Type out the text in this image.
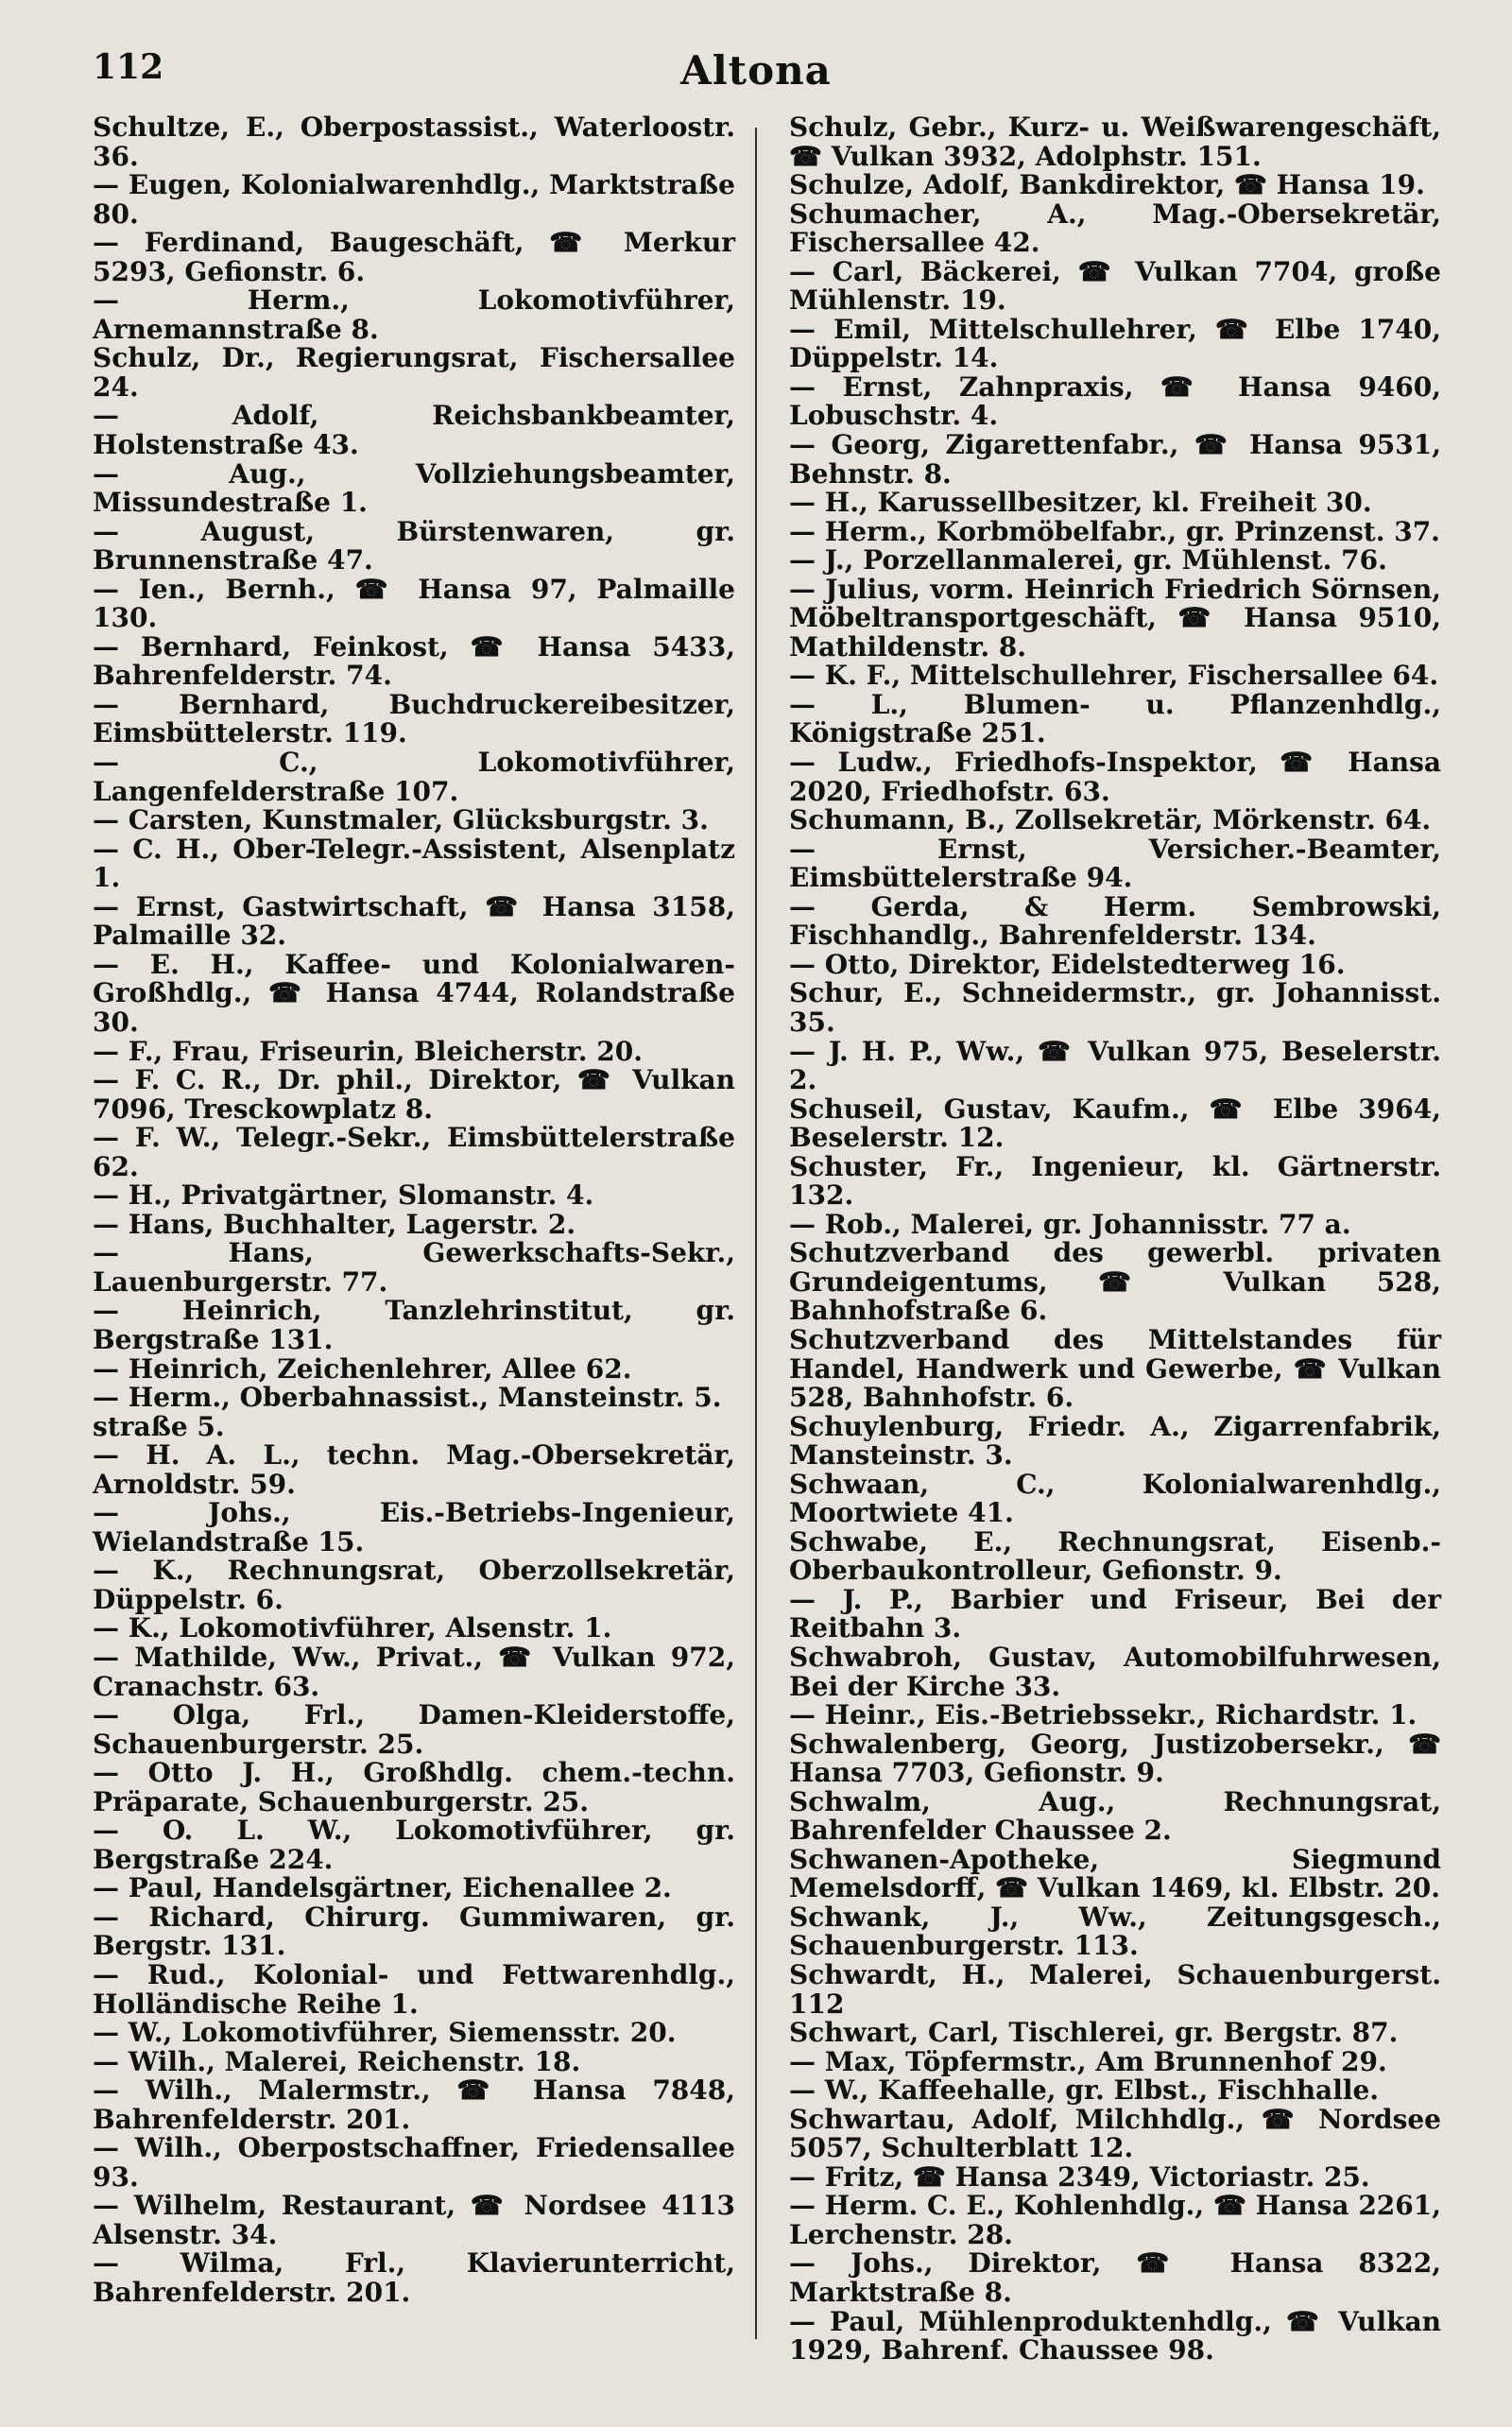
112	Altona
Schultze, E., Oberpostassist., Waterloostr. 36.
— Eugen, Kolonialwarenhdlg., Marktstraße 80.
— Ferdinand, Baugeschäft, ☎ Merkur 5293, Gefionstr. 6.
— Herm., Lokomotivführer, Arnemannstraße 8.
Schulz, Dr., Regierungsrat, Fischersallee 24.
— Adolf, Reichsbankbeamter, Holstenstraße 43.
— Aug., Vollziehungsbeamter, Missundestraße 1.
— August, Bürstenwaren, gr. Brunnenstraße 47.
— Ien., Bernh., ☎ Hansa 97, Palmaille 130.
— Bernhard, Feinkost, ☎ Hansa 5433, Bahrenfelderstr. 74.
— Bernhard, Buchdruckereibesitzer, Eimsbüttelerstr. 119.
— C., Lokomotivführer, Langenfelderstraße 107.
— Carsten, Kunstmaler, Glücksburgstr. 3.
— C. H., Ober-Telegr.-Assistent, Alsenplatz 1.
— Ernst, Gastwirtschaft, ☎ Hansa 3158, Palmaille 32.
— E. H., Kaffee- und Kolonialwaren-Großhdlg., ☎ Hansa 4744, Rolandstraße 30.
— F., Frau, Friseurin, Bleicherstr. 20.
— F. C. R., Dr. phil., Direktor, ☎ Vulkan 7096, Tresckowplatz 8.
— F. W., Telegr.-Sekr., Eimsbüttelerstraße 62.
— H., Privatgärtner, Slomanstr. 4.
— Hans, Buchhalter, Lagerstr. 2.
— Hans, Gewerkschafts-Sekr., Lauenburgerstr. 77.
— Heinrich, Tanzlehrinstitut, gr. Bergstraße 131.
— Heinrich, Zeichenlehrer, Allee 62.
— Herm., Oberbahnassist., Mansteinstr. 5.
straße 5.
— H. A. L., techn. Mag.-Obersekretär, Arnoldstr. 59.
— Johs., Eis.-Betriebs-Ingenieur, Wielandstraße 15.
— K., Rechnungsrat, Oberzollsekretär, Düppelstr. 6.
— K., Lokomotivführer, Alsenstr. 1.
— Mathilde, Ww., Privat., ☎ Vulkan 972, Cranachstr. 63.
— Olga, Frl., Damen-Kleiderstoffe, Schauenburgerstr. 25.
— Otto J. H., Großhdlg. chem.-techn. Präparate, Schauenburgerstr. 25.
— O. L. W., Lokomotivführer, gr. Bergstraße 224.
— Paul, Handelsgärtner, Eichenallee 2.
— Richard, Chirurg. Gummiwaren, gr. Bergstr. 131.
— Rud., Kolonial- und Fettwarenhdlg., Holländische Reihe 1.
— W., Lokomotivführer, Siemensstr. 20.
— Wilh., Malerei, Reichenstr. 18.
— Wilh., Malermstr., ☎ Hansa 7848, Bahrenfelderstr. 201.
— Wilh., Oberpostschaffner, Friedensallee 93.
— Wilhelm, Restaurant, ☎ Nordsee 4113 Alsenstr. 34.
— Wilma, Frl., Klavierunterricht, Bahrenfelderstr. 201.
Schulz, Gebr., Kurz- u. Weißwarengeschäft, ☎ Vulkan 3932, Adolphstr. 151.
Schulze, Adolf, Bankdirektor, ☎ Hansa 19.
Schumacher, A., Mag.-Obersekretär, Fischersallee 42.
— Carl, Bäckerei, ☎ Vulkan 7704, große Mühlenstr. 19.
— Emil, Mittelschullehrer, ☎ Elbe 1740, Düppelstr. 14.
— Ernst, Zahnpraxis, ☎ Hansa 9460, Lobuschstr. 4.
— Georg, Zigarettenfabr., ☎ Hansa 9531, Behnstr. 8.
— H., Karussellbesitzer, kl. Freiheit 30.
— Herm., Korbmöbelfabr., gr. Prinzenst. 37.
— J., Porzellanmalerei, gr. Mühlenst. 76.
— Julius, vorm. Heinrich Friedrich Sörnsen, Möbeltransportgeschäft, ☎ Hansa 9510, Mathildenstr. 8.
— K. F., Mittelschullehrer, Fischersallee 64.
— L., Blumen- u. Pflanzenhdlg., Königstraße 251.
— Ludw., Friedhofs-Inspektor, ☎ Hansa 2020, Friedhofstr. 63.
Schumann, B., Zollsekretär, Mörkenstr. 64.
— Ernst, Versicher.-Beamter, Eimsbüttelerstraße 94.
— Gerda, & Herm. Sembrowski, Fischhandlg., Bahrenfelderstr. 134.
— Otto, Direktor, Eidelstedterweg 16.
Schur, E., Schneidermstr., gr. Johannisst. 35.
— J. H. P., Ww., ☎ Vulkan 975, Beselerstr. 2.
Schuseil, Gustav, Kaufm., ☎ Elbe 3964, Beselerstr. 12.
Schuster, Fr., Ingenieur, kl. Gärtnerstr. 132.
— Rob., Malerei, gr. Johannisstr. 77 a.
Schutzverband des gewerbl. privaten Grundeigentums, ☎ Vulkan 528, Bahnhofstraße 6.
Schutzverband des Mittelstandes für Handel, Handwerk und Gewerbe, ☎ Vulkan 528, Bahnhofstr. 6.
Schuylenburg, Friedr. A., Zigarrenfabrik, Mansteinstr. 3.
Schwaan, C., Kolonialwarenhdlg., Moortwiete 41.
Schwabe, E., Rechnungsrat, Eisenb.-Oberbaukontrolleur, Gefionstr. 9.
— J. P., Barbier und Friseur, Bei der Reitbahn 3.
Schwabroh, Gustav, Automobilfuhrwesen, Bei der Kirche 33.
— Heinr., Eis.-Betriebssekr., Richardstr. 1.
Schwalenberg, Georg, Justizobersekr., ☎ Hansa 7703, Gefionstr. 9.
Schwalm, Aug., Rechnungsrat, Bahrenfelder Chaussee 2.
Schwanen-Apotheke, Siegmund Memelsdorff, ☎ Vulkan 1469, kl. Elbstr. 20.
Schwank, J., Ww., Zeitungsgesch., Schauenburgerstr. 113.
Schwardt, H., Malerei, Schauenburgerst. 112
Schwart, Carl, Tischlerei, gr. Bergstr. 87.
— Max, Töpfermstr., Am Brunnenhof 29.
— W., Kaffeehalle, gr. Elbst., Fischhalle.
Schwartau, Adolf, Milchhdlg., ☎ Nordsee 5057, Schulterblatt 12.
— Fritz, ☎ Hansa 2349, Victoriastr. 25.
— Herm. C. E., Kohlenhdlg., ☎ Hansa 2261, Lerchenstr. 28.
— Johs., Direktor, ☎ Hansa 8322, Marktstraße 8.
— Paul, Mühlenproduktenhdlg., ☎ Vulkan 1929, Bahrenf. Chaussee 98.
